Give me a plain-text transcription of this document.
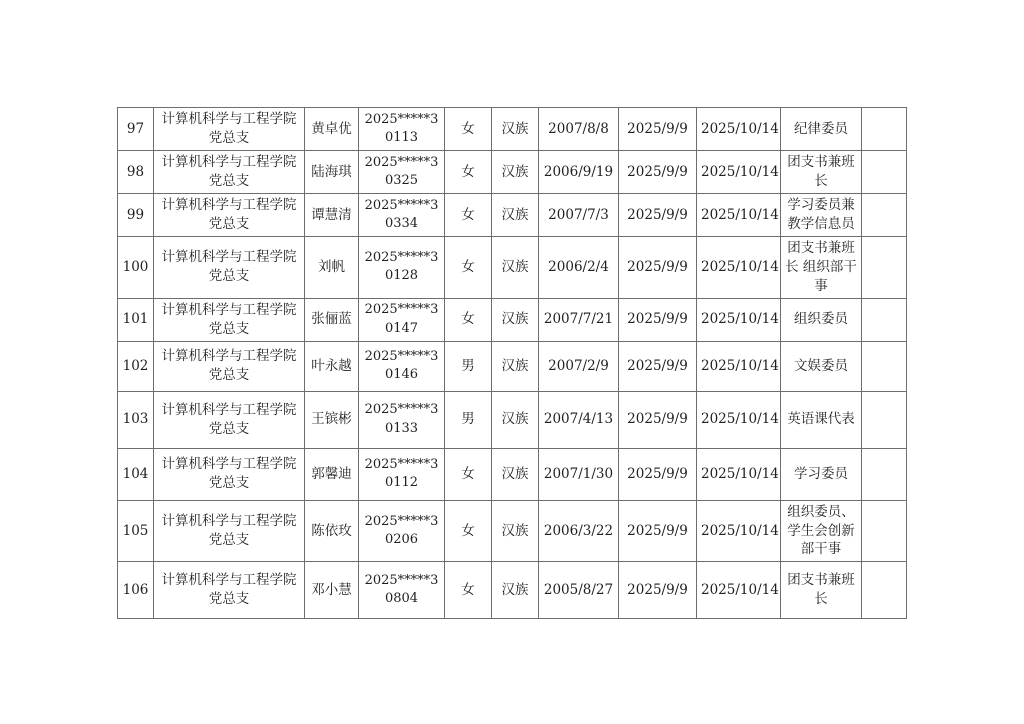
97	计算机科学与工程学院党总支	黄卓优	2025*****30113	女	汉族	2007/8/8	2025/9/9	2025/10/14	纪律委员	
98	计算机科学与工程学院党总支	陆海琪	2025*****30325	女	汉族	2006/9/19	2025/9/9	2025/10/14	团支书兼班长	
99	计算机科学与工程学院党总支	谭慧清	2025*****30334	女	汉族	2007/7/3	2025/9/9	2025/10/14	学习委员兼教学信息员	
100	计算机科学与工程学院党总支	刘帆	2025*****30128	女	汉族	2006/2/4	2025/9/9	2025/10/14	团支书兼班长 组织部干事	
101	计算机科学与工程学院党总支	张俪蓝	2025*****30147	女	汉族	2007/7/21	2025/9/9	2025/10/14	组织委员	
102	计算机科学与工程学院党总支	叶永越	2025*****30146	男	汉族	2007/2/9	2025/9/9	2025/10/14	文娱委员	
103	计算机科学与工程学院党总支	王镔彬	2025*****30133	男	汉族	2007/4/13	2025/9/9	2025/10/14	英语课代表	
104	计算机科学与工程学院党总支	郭馨迪	2025*****30112	女	汉族	2007/1/30	2025/9/9	2025/10/14	学习委员	
105	计算机科学与工程学院党总支	陈依玫	2025*****30206	女	汉族	2006/3/22	2025/9/9	2025/10/14	组织委员、学生会创新部干事	
106	计算机科学与工程学院党总支	邓小慧	2025*****30804	女	汉族	2005/8/27	2025/9/9	2025/10/14	团支书兼班长	
